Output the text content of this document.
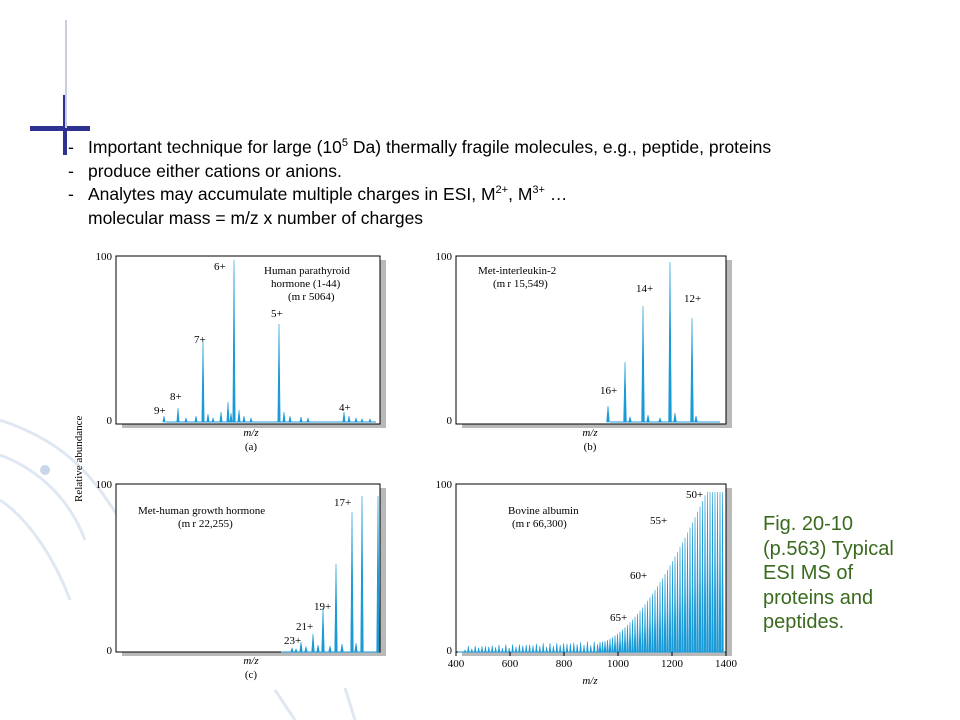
- Important technique for large ($10^5$ Da) thermally fragile molecules, e.g., peptide, proteins
- produce either cations or anions.
- Analytes may accumulate multiple charges in ESI, $M^{2+}$, $M^{3+}$ …
molecular mass = m/z x number of charges
Relative abundance
100
0
Human parathyroid
hormone (1-44)
(m r 5064)
6+
7+
5+
8+
9+	4+
m/z
(a)
100
0
Met-interleukin-2
(m r 15,549)	14+
12+
16+
m/z
(b)
100
0
Met-human growth hormone
(m r 22,255)
17+
19+
21+
23+
m/z
(c)
100
0
Bovine albumin
(m r 66,300)
50+
55+
60+
65+
400	600	800	1000	1200	1400
m/z
Fig. 20-10
(p.563) Typical
ESI MS of
proteins and
peptides.
